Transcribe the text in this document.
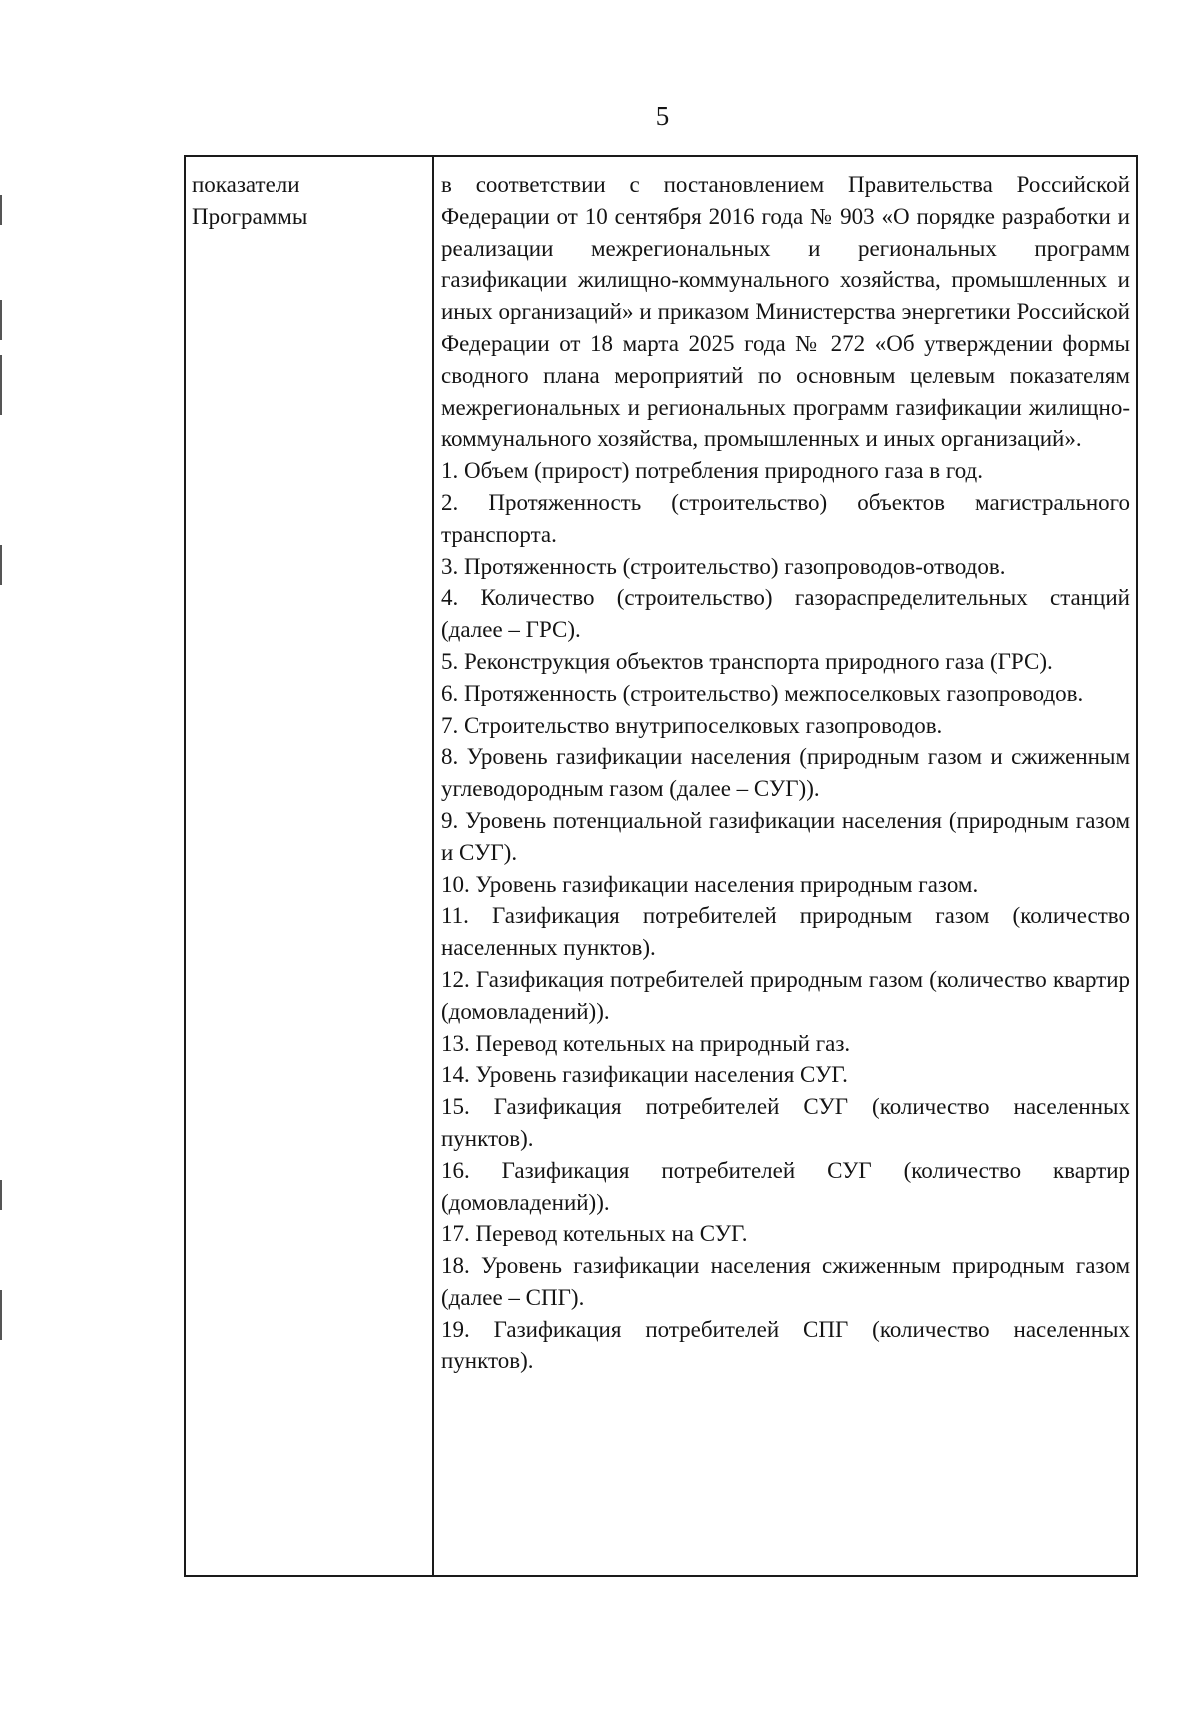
5
показатели
Программы

в соответствии с постановлением Правительства Российской Федерации от 10 сентября 2016 года № 903 «О порядке разработки и реализации межрегиональных и региональных программ газификации жилищно-коммунального хозяйства, промышленных и иных организаций» и приказом Министерства энергетики Российской Федерации от 18 марта 2025 года № 272 «Об утверждении формы сводного плана мероприятий по основным целевым показателям межрегиональных и региональных программ газификации жилищно-коммунального хозяйства, промышленных и иных организаций».

1. Объем (прирост) потребления природного газа в год.

2. Протяженность (строительство) объектов магистрального транспорта.

3. Протяженность (строительство) газопроводов-отводов.

4. Количество (строительство) газораспределительных станций (далее – ГРС).

5. Реконструкция объектов транспорта природного газа (ГРС).

6. Протяженность (строительство) межпоселковых газопроводов.

7. Строительство внутрипоселковых газопроводов.

8. Уровень газификации населения (природным газом и сжиженным углеводородным газом (далее – СУГ)).

9. Уровень потенциальной газификации населения (природным газом и СУГ).

10. Уровень газификации населения природным газом.

11. Газификация потребителей природным газом (количество населенных пунктов).

12. Газификация потребителей природным газом (количество квартир (домовладений)).

13. Перевод котельных на природный газ.

14. Уровень газификации населения СУГ.

15. Газификация потребителей СУГ (количество населенных пунктов).

16. Газификация потребителей СУГ (количество квартир (домовладений)).

17. Перевод котельных на СУГ.

18. Уровень газификации населения сжиженным природным газом (далее – СПГ).

19. Газификация потребителей СПГ (количество населенных пунктов).
